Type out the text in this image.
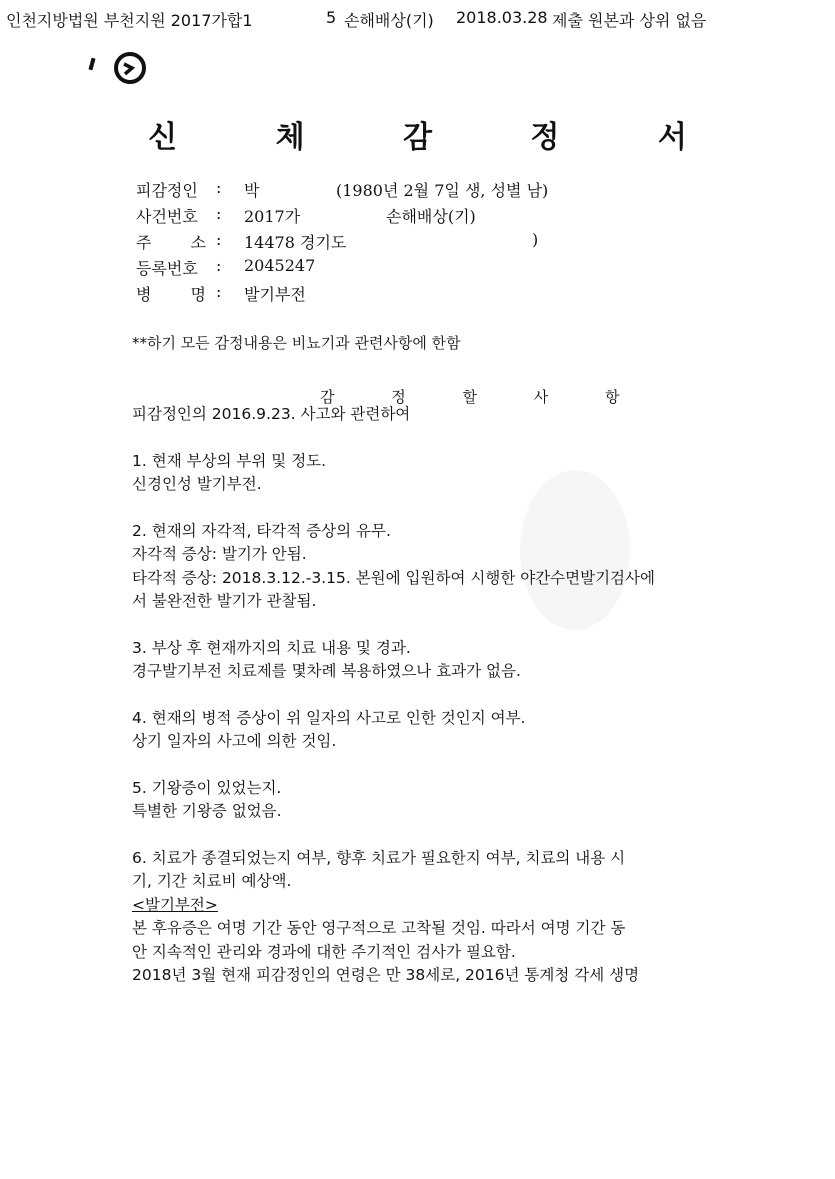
인천지방법원 부천지원 2017가합1	5 손해배상(기) 2018.03.28 제출 원본과 상위 없음
신 체 감 정 서
피감정인	: 박	(1980년 2월 7일 생, 성별 남)
사건번호	: 2017가	손해배상(기)
주 소 : 14478 경기도	)
등록번호	: 2045247
병 명 : 발기부전
**하기 모든 감정내용은 비뇨기과 관련사항에 한함
감 정 할 사 항

피감정인의 2016.9.23. 사고와 관련하여

1. 현재 부상의 부위 및 정도.

신경인성 발기부전.

2. 현재의 자각적, 타각적 증상의 유무.

자각적 증상: 발기가 안됨.

타각적 증상: 2018.3.12.-3.15. 본원에 입원하여 시행한 야간수면발기검사에

서 불완전한 발기가 관찰됨.

3. 부상 후 현재까지의 치료 내용 및 경과.

경구발기부전 치료제를 몇차례 복용하였으나 효과가 없음.

4. 현재의 병적 증상이 위 일자의 사고로 인한 것인지 여부.

상기 일자의 사고에 의한 것임.

5. 기왕증이 있었는지.

특별한 기왕증 없었음.

6. 치료가 종결되었는지 여부, 향후 치료가 필요한지 여부, 치료의 내용 시

기, 기간 치료비 예상액.

<발기부전>

본 후유증은 여명 기간 동안 영구적으로 고착될 것임. 따라서 여명 기간 동

안 지속적인 관리와 경과에 대한 주기적인 검사가 필요함.

2018년 3월 현재 피감정인의 연령은 만 38세로, 2016년 통계청 각세 생명
